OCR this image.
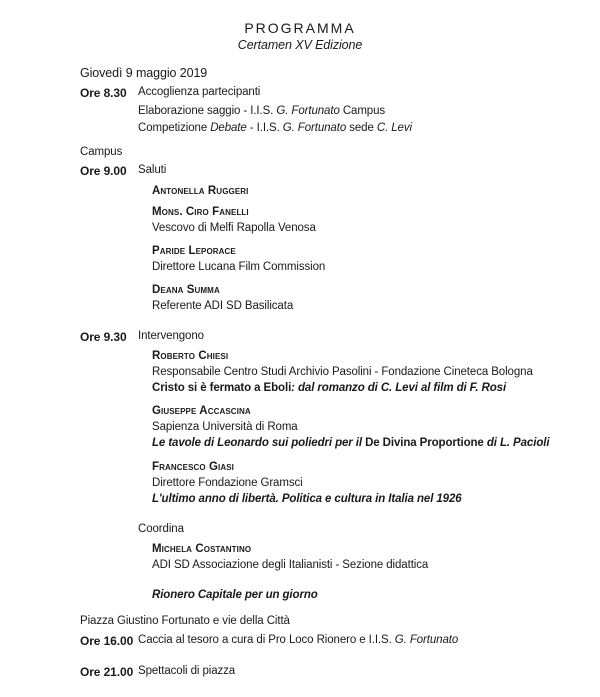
PROGRAMMA
Certamen XV Edizione
Giovedì 9 maggio 2019
Ore 8.30 Accoglienza partecipanti
Elaborazione saggio - I.I.S. G. Fortunato Campus
Competizione Debate - I.I.S. G. Fortunato sede C. Levi
Campus
Ore 9.00 Saluti
Antonella Ruggeri
Mons. Ciro Fanelli
Vescovo di Melfi Rapolla Venosa
Paride Leporace
Direttore Lucana Film Commission
Deana Summa
Referente ADI SD Basilicata
Ore 9.30 Intervengono
Roberto Chiesi
Responsabile Centro Studi Archivio Pasolini - Fondazione Cineteca Bologna
Cristo si è fermato a Eboli: dal romanzo di C. Levi al film di F. Rosi
Giuseppe Accascina
Sapienza Università di Roma
Le tavole di Leonardo sui poliedri per il De Divina Proportione di L. Pacioli
Francesco Giasi
Direttore Fondazione Gramsci
L'ultimo anno di libertà. Politica e cultura in Italia nel 1926
Coordina
Michela Costantino
ADI SD Associazione degli Italianisti - Sezione didattica
Rionero Capitale per un giorno
Piazza Giustino Fortunato e vie della Città
Ore 16.00 Caccia al tesoro a cura di Pro Loco Rionero e I.I.S. G. Fortunato
Ore 21.00 Spettacoli di piazza
